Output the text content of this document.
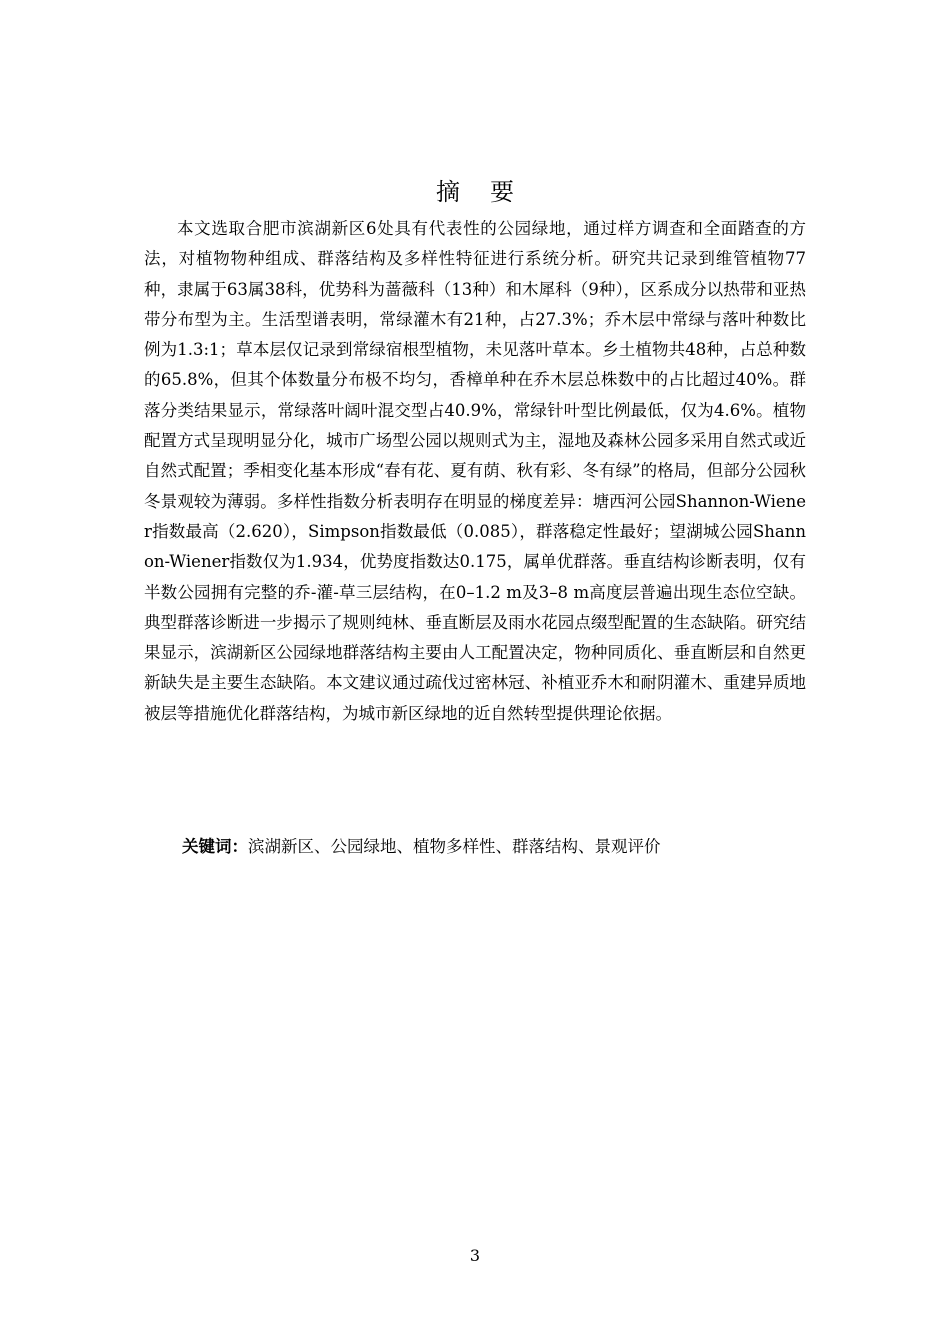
摘要

本文选取合肥市滨湖新区6处具有代表性的公园绿地，通过样方调查和全面踏查的方法，对植物物种组成、群落结构及多样性特征进行系统分析。研究共记录到维管植物77种，隶属于63属38科，优势科为蔷薇科（13种）和木犀科（9种），区系成分以热带和亚热带分布型为主。生活型谱表明，常绿灌木有21种，占27.3%；乔木层中常绿与落叶种数比例为1.3:1；草本层仅记录到常绿宿根型植物，未见落叶草本。乡土植物共48种，占总种数的65.8%，但其个体数量分布极不均匀，香樟单种在乔木层总株数中的占比超过40%。群落分类结果显示，常绿落叶阔叶混交型占40.9%，常绿针叶型比例最低，仅为4.6%。植物配置方式呈现明显分化，城市广场型公园以规则式为主，湿地及森林公园多采用自然式或近自然式配置；季相变化基本形成“春有花、夏有荫、秋有彩、冬有绿”的格局，但部分公园秋冬景观较为薄弱。多样性指数分析表明存在明显的梯度差异：塘西河公园Shannon-Wiener指数最高（2.620），Simpson指数最低（0.085），群落稳定性最好；望湖城公园Shannon-Wiener指数仅为1.934，优势度指数达0.175，属单优群落。垂直结构诊断表明，仅有半数公园拥有完整的乔-灌-草三层结构，在0–1.2 m及3–8 m高度层普遍出现生态位空缺。典型群落诊断进一步揭示了规则纯林、垂直断层及雨水花园点缀型配置的生态缺陷。研究结果显示，滨湖新区公园绿地群落结构主要由人工配置决定，物种同质化、垂直断层和自然更新缺失是主要生态缺陷。本文建议通过疏伐过密林冠、补植亚乔木和耐阴灌木、重建异质地被层等措施优化群落结构，为城市新区绿地的近自然转型提供理论依据。

关键词：滨湖新区、公园绿地、植物多样性、群落结构、景观评价

3
